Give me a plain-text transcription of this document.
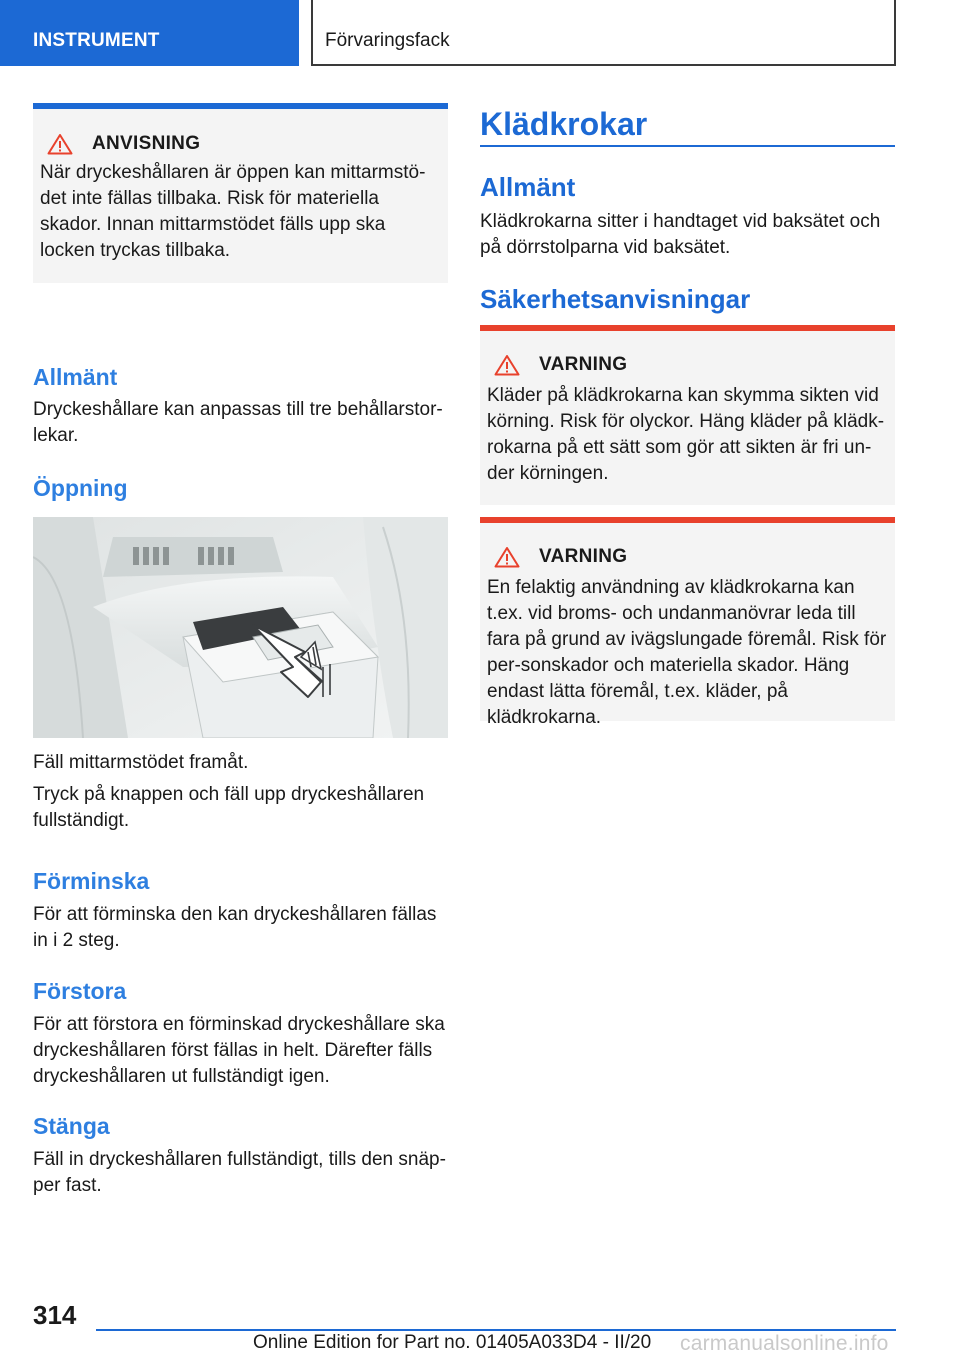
INSTRUMENT	Förvaringsfack
ANVISNING
När dryckeshållaren är öppen kan mittarmstö-det inte fällas tillbaka. Risk för materiella skador. Innan mittarmstödet fälls upp ska locken tryckas tillbaka.
Allmänt
Dryckeshållare kan anpassas till tre behållarstor-lekar.
Öppning
Fäll mittarmstödet framåt.
Tryck på knappen och fäll upp dryckeshållaren fullständigt.
Förminska
För att förminska den kan dryckeshållaren fällas in i 2 steg.
Förstora
För att förstora en förminskad dryckeshållare ska dryckeshållaren först fällas in helt. Därefter fälls dryckeshållaren ut fullständigt igen.
Stänga
Fäll in dryckeshållaren fullständigt, tills den snäp-per fast.
Klädkrokar
Allmänt
Klädkrokarna sitter i handtaget vid baksätet och på dörrstolparna vid baksätet.
Säkerhetsanvisningar
VARNING
Kläder på klädkrokarna kan skymma sikten vid körning. Risk för olyckor. Häng kläder på klädk-rokarna på ett sätt som gör att sikten är fri un-der körningen.
VARNING
En felaktig användning av klädkrokarna kan t.ex. vid broms- och undanmanövrar leda till fara på grund av ivägslungade föremål. Risk för per-sonskador och materiella skador. Häng endast lätta föremål, t.ex. kläder, på klädkrokarna.
314
Online Edition for Part no. 01405A033D4 - II/20 carmanualsonline.info
